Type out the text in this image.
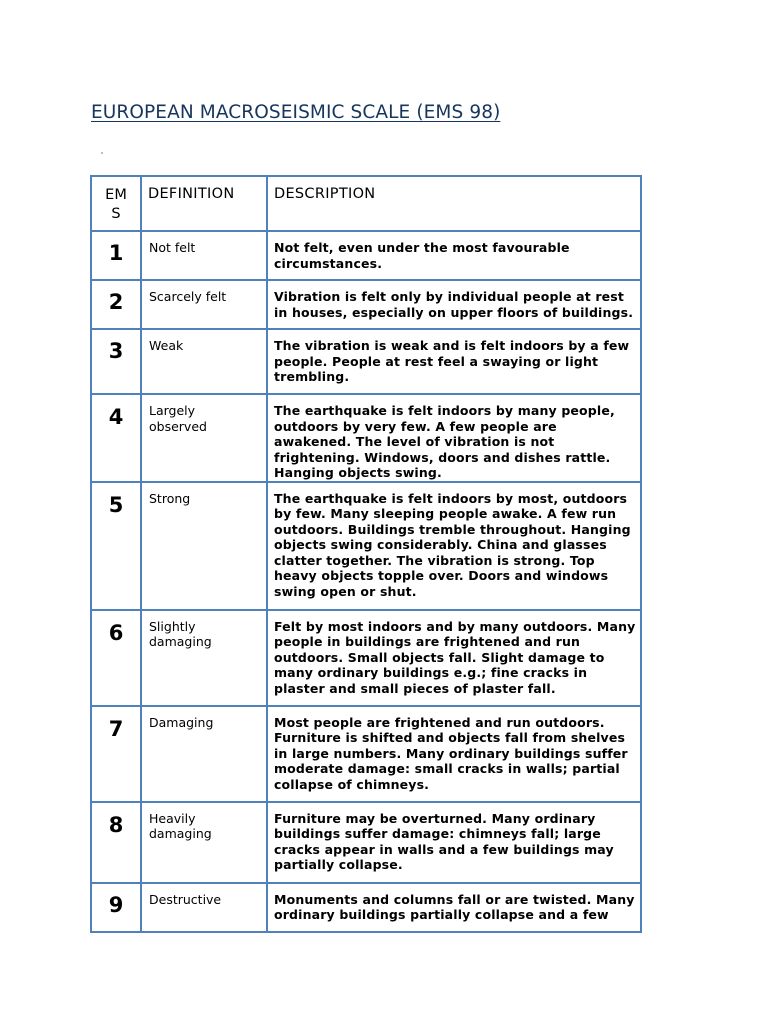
EUROPEAN MACROSEISMIC SCALE (EMS 98)
EM S	DEFINITION	DESCRIPTION
1	Not felt	Not felt, even under the most favourable circumstances.
2	Scarcely felt	Vibration is felt only by individual people at rest in houses, especially on upper floors of buildings.
3	Weak	The vibration is weak and is felt indoors by a few people. People at rest feel a swaying or light trembling.
4	Largely observed	The earthquake is felt indoors by many people, outdoors by very few. A few people are awakened. The level of vibration is not frightening. Windows, doors and dishes rattle. Hanging objects swing.
5	Strong	The earthquake is felt indoors by most, outdoors by few. Many sleeping people awake. A few run outdoors. Buildings tremble throughout. Hanging objects swing considerably. China and glasses clatter together. The vibration is strong. Top heavy objects topple over. Doors and windows swing open or shut.
6	Slightly damaging	Felt by most indoors and by many outdoors. Many people in buildings are frightened and run outdoors. Small objects fall. Slight damage to many ordinary buildings e.g.; fine cracks in plaster and small pieces of plaster fall.
7	Damaging	Most people are frightened and run outdoors. Furniture is shifted and objects fall from shelves in large numbers. Many ordinary buildings suffer moderate damage: small cracks in walls; partial collapse of chimneys.
8	Heavily damaging	Furniture may be overturned. Many ordinary buildings suffer damage: chimneys fall; large cracks appear in walls and a few buildings may partially collapse.
9	Destructive	Monuments and columns fall or are twisted. Many ordinary buildings partially collapse and a few
